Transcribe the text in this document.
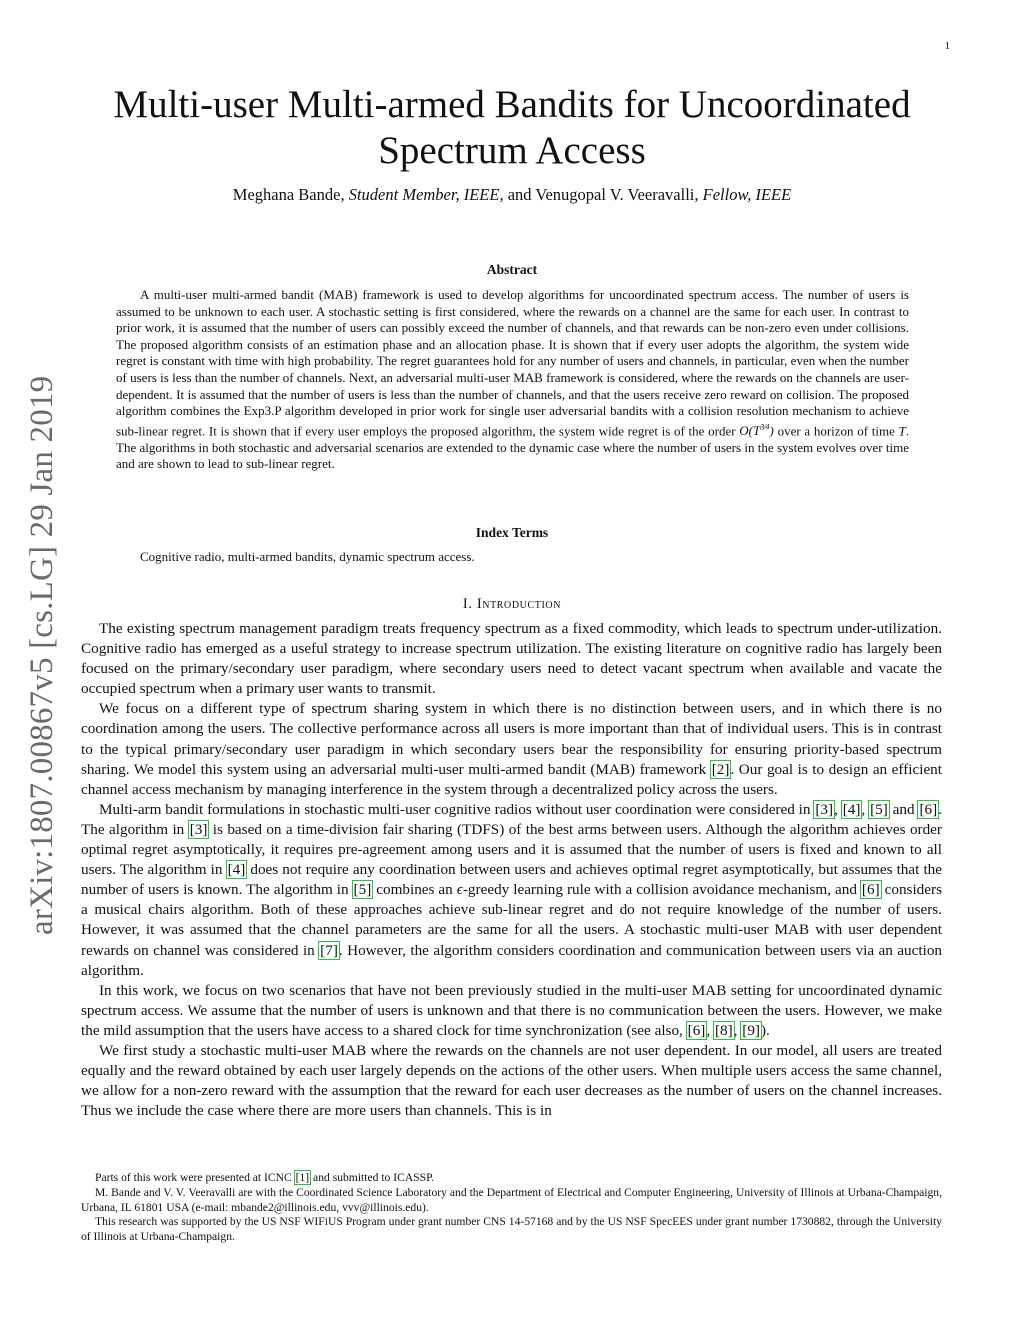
1
arXiv:1807.00867v5 [cs.LG] 29 Jan 2019
Multi-user Multi-armed Bandits for Uncoordinated Spectrum Access
Meghana Bande, Student Member, IEEE, and Venugopal V. Veeravalli, Fellow, IEEE
Abstract

A multi-user multi-armed bandit (MAB) framework is used to develop algorithms for uncoordinated spectrum access. The number of users is assumed to be unknown to each user. A stochastic setting is first considered, where the rewards on a channel are the same for each user. In contrast to prior work, it is assumed that the number of users can possibly exceed the number of channels, and that rewards can be non-zero even under collisions. The proposed algorithm consists of an estimation phase and an allocation phase. It is shown that if every user adopts the algorithm, the system wide regret is constant with time with high probability. The regret guarantees hold for any number of users and channels, in particular, even when the number of users is less than the number of channels. Next, an adversarial multi-user MAB framework is considered, where the rewards on the channels are user-dependent. It is assumed that the number of users is less than the number of channels, and that the users receive zero reward on collision. The proposed algorithm combines the Exp3.P algorithm developed in prior work for single user adversarial bandits with a collision resolution mechanism to achieve sub-linear regret. It is shown that if every user employs the proposed algorithm, the system wide regret is of the order $O(T^{3⁄4})$ over a horizon of time T. The algorithms in both stochastic and adversarial scenarios are extended to the dynamic case where the number of users in the system evolves over time and are shown to lead to sub-linear regret.

Index Terms

Cognitive radio, multi-armed bandits, dynamic spectrum access.

I. Introduction

The existing spectrum management paradigm treats frequency spectrum as a fixed commodity, which leads to spectrum under-utilization. Cognitive radio has emerged as a useful strategy to increase spectrum utilization. The existing literature on cognitive radio has largely been focused on the primary/secondary user paradigm, where secondary users need to detect vacant spectrum when available and vacate the occupied spectrum when a primary user wants to transmit.

We focus on a different type of spectrum sharing system in which there is no distinction between users, and in which there is no coordination among the users. The collective performance across all users is more important than that of individual users. This is in contrast to the typical primary/secondary user paradigm in which secondary users bear the responsibility for ensuring priority-based spectrum sharing. We model this system using an adversarial multi-user multi-armed bandit (MAB) framework [2]. Our goal is to design an efficient channel access mechanism by managing interference in the system through a decentralized policy across the users.

Multi-arm bandit formulations in stochastic multi-user cognitive radios without user coordination were considered in [3], [4], [5] and [6]. The algorithm in [3] is based on a time-division fair sharing (TDFS) of the best arms between users. Although the algorithm achieves order optimal regret asymptotically, it requires pre-agreement among users and it is assumed that the number of users is fixed and known to all users. The algorithm in [4] does not require any coordination between users and achieves optimal regret asymptotically, but assumes that the number of users is known. The algorithm in [5] combines an ϵ-greedy learning rule with a collision avoidance mechanism, and [6] considers a musical chairs algorithm. Both of these approaches achieve sub-linear regret and do not require knowledge of the number of users. However, it was assumed that the channel parameters are the same for all the users. A stochastic multi-user MAB with user dependent rewards on channel was considered in [7]. However, the algorithm considers coordination and communication between users via an auction algorithm.

In this work, we focus on two scenarios that have not been previously studied in the multi-user MAB setting for uncoordinated dynamic spectrum access. We assume that the number of users is unknown and that there is no communication between the users. However, we make the mild assumption that the users have access to a shared clock for time synchronization (see also, [6], [8], [9]).

We first study a stochastic multi-user MAB where the rewards on the channels are not user dependent. In our model, all users are treated equally and the reward obtained by each user largely depends on the actions of the other users. When multiple users access the same channel, we allow for a non-zero reward with the assumption that the reward for each user decreases as the number of users on the channel increases. Thus we include the case where there are more users than channels. This is in

Parts of this work were presented at ICNC [1] and submitted to ICASSP.

M. Bande and V. V. Veeravalli are with the Coordinated Science Laboratory and the Department of Electrical and Computer Engineering, University of Illinois at Urbana-Champaign, Urbana, IL 61801 USA (e-mail: mbande2@illinois.edu, vvv@illinois.edu).

This research was supported by the US NSF WIFiUS Program under grant number CNS 14-57168 and by the US NSF SpecEES under grant number 1730882, through the University of Illinois at Urbana-Champaign.
